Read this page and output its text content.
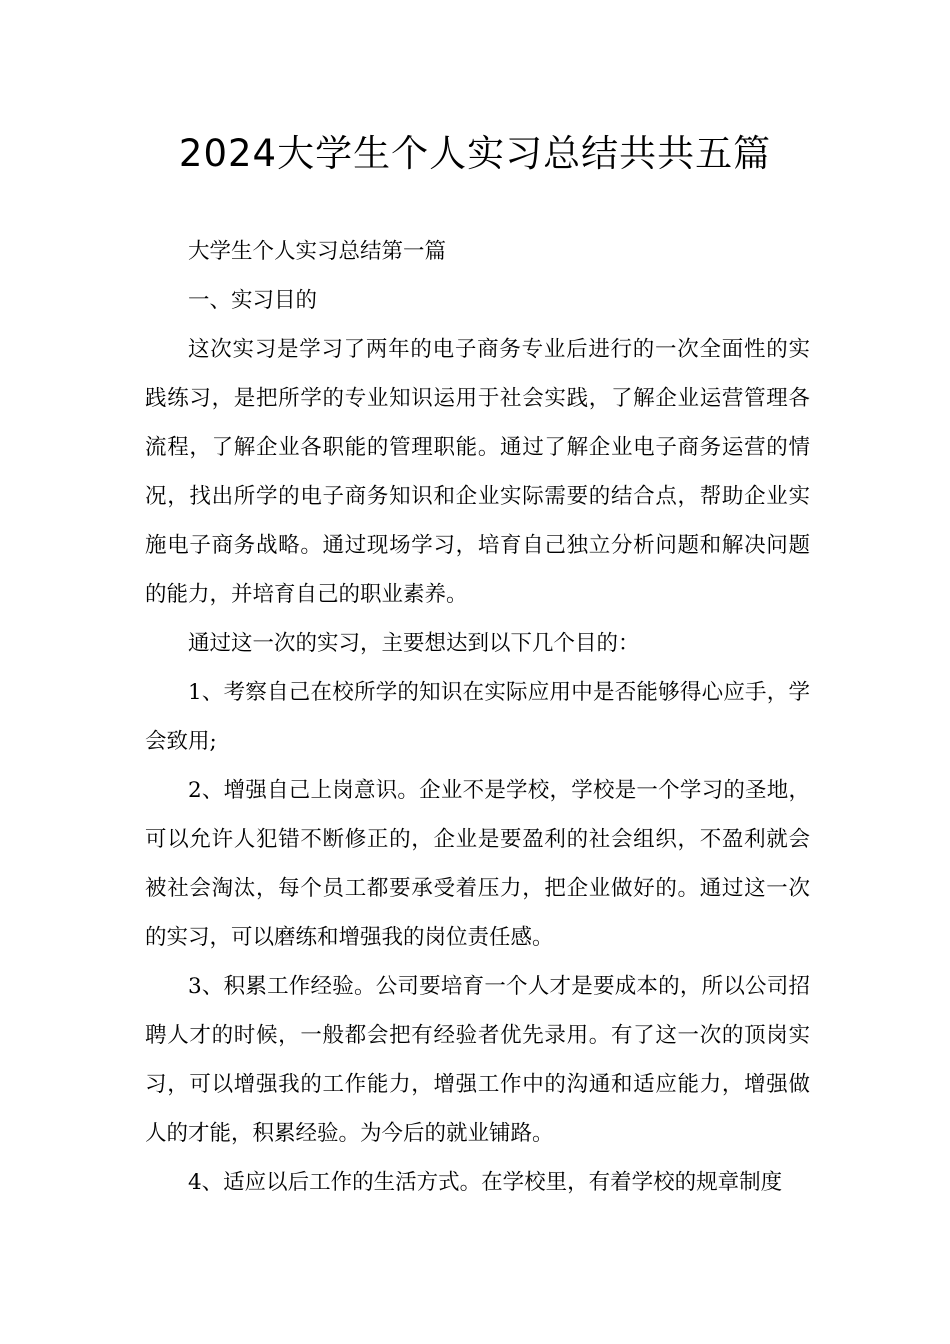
2024大学生个人实习总结共共五篇

大学生个人实习总结第一篇

一、实习目的

这次实习是学习了两年的电子商务专业后进行的一次全面性的实践练习，是把所学的专业知识运用于社会实践，了解企业运营管理各流程，了解企业各职能的管理职能。通过了解企业电子商务运营的情况，找出所学的电子商务知识和企业实际需要的结合点，帮助企业实施电子商务战略。通过现场学习，培育自己独立分析问题和解决问题的能力，并培育自己的职业素养。

通过这一次的实习，主要想达到以下几个目的：

1、考察自己在校所学的知识在实际应用中是否能够得心应手，学会致用;

2、增强自己上岗意识。企业不是学校，学校是一个学习的圣地，可以允许人犯错不断修正的，企业是要盈利的社会组织，不盈利就会被社会淘汰，每个员工都要承受着压力，把企业做好的。通过这一次的实习，可以磨练和增强我的岗位责任感。

3、积累工作经验。公司要培育一个人才是要成本的，所以公司招聘人才的时候，一般都会把有经验者优先录用。有了这一次的顶岗实习，可以增强我的工作能力，增强工作中的沟通和适应能力，增强做人的才能，积累经验。为今后的就业铺路。

4、适应以后工作的生活方式。在学校里，有着学校的规章制度
